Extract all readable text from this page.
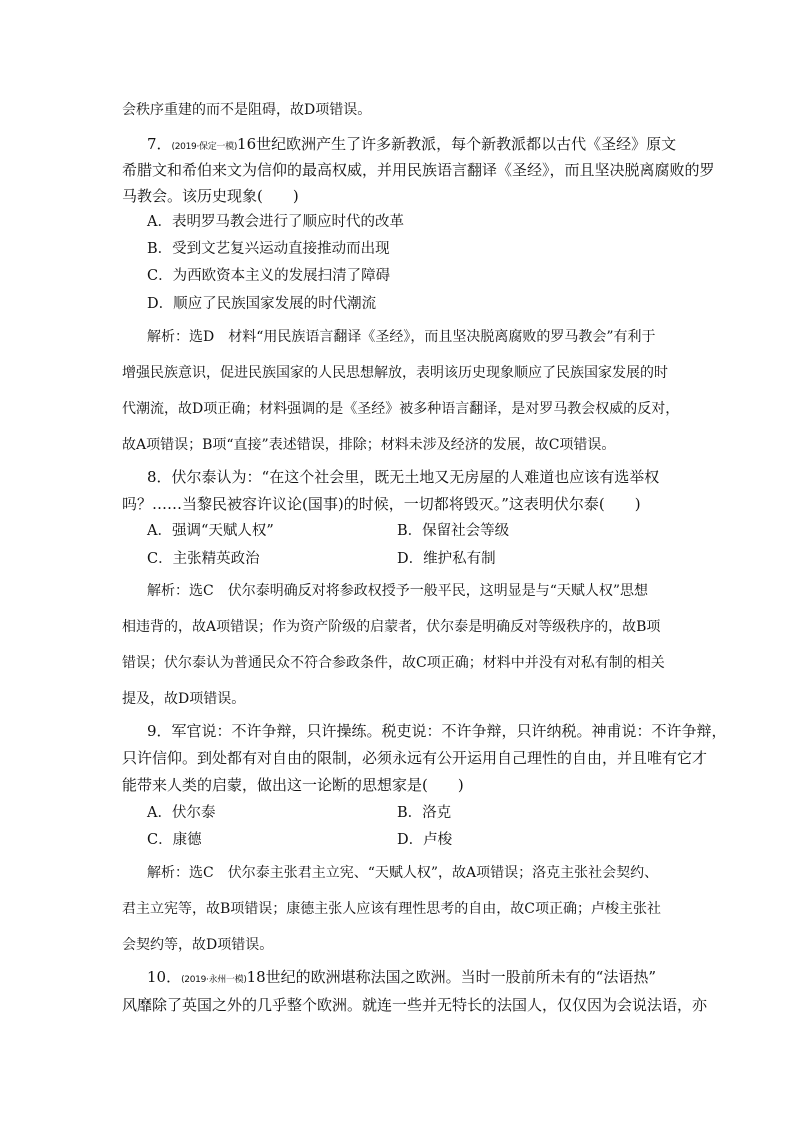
会秩序重建的而不是阻碍，故D项错误。
7．(2019·保定一模)16世纪欧洲产生了许多新教派，每个新教派都以古代《圣经》原文
希腊文和希伯来文为信仰的最高权威，并用民族语言翻译《圣经》，而且坚决脱离腐败的罗
马教会。该历史现象(　　)
A．表明罗马教会进行了顺应时代的改革
B．受到文艺复兴运动直接推动而出现
C．为西欧资本主义的发展扫清了障碍
D．顺应了民族国家发展的时代潮流
解析：选D　材料“用民族语言翻译《圣经》，而且坚决脱离腐败的罗马教会”有利于
增强民族意识，促进民族国家的人民思想解放，表明该历史现象顺应了民族国家发展的时
代潮流，故D项正确；材料强调的是《圣经》被多种语言翻译，是对罗马教会权威的反对，
故A项错误；B项“直接”表述错误，排除；材料未涉及经济的发展，故C项错误。
8．伏尔泰认为：“在这个社会里，既无土地又无房屋的人难道也应该有选举权
吗？……当黎民被容许议论(国事)的时候，一切都将毁灭。”这表明伏尔泰(　　)
A．强调“天赋人权”	B．保留社会等级
C．主张精英政治	D．维护私有制
解析：选C　伏尔泰明确反对将参政权授予一般平民，这明显是与“天赋人权”思想
相违背的，故A项错误；作为资产阶级的启蒙者，伏尔泰是明确反对等级秩序的，故B项
错误；伏尔泰认为普通民众不符合参政条件，故C项正确；材料中并没有对私有制的相关
提及，故D项错误。
9．军官说：不许争辩，只许操练。税吏说：不许争辩，只许纳税。神甫说：不许争辩，
只许信仰。到处都有对自由的限制，必须永远有公开运用自己理性的自由，并且唯有它才
能带来人类的启蒙，做出这一论断的思想家是(　　)
A．伏尔泰	B．洛克
C．康德	D．卢梭
解析：选C　伏尔泰主张君主立宪、“天赋人权”，故A项错误；洛克主张社会契约、
君主立宪等，故B项错误；康德主张人应该有理性思考的自由，故C项正确；卢梭主张社
会契约等，故D项错误。
10．(2019·永州一模)18世纪的欧洲堪称法国之欧洲。当时一股前所未有的“法语热”
风靡除了英国之外的几乎整个欧洲。就连一些并无特长的法国人，仅仅因为会说法语，亦
